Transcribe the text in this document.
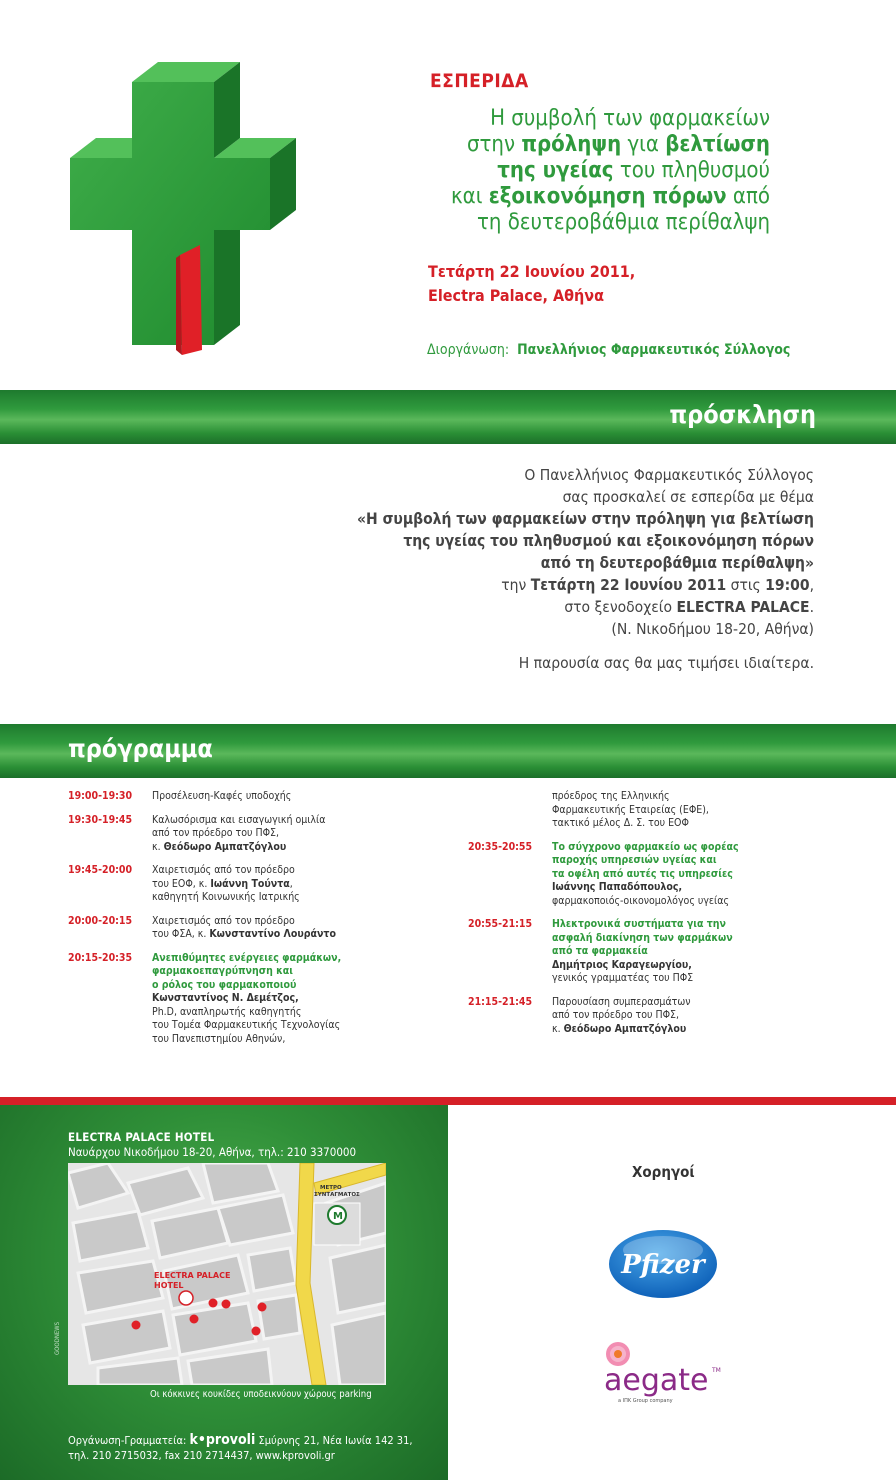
ΕΣΠΕΡΙΔΑ
Η συμβολή των φαρμακείων
στην πρόληψη για βελτίωση
της υγείας του πληθυσμού
και εξοικονόμηση πόρων από
τη δευτεροβάθμια περίθαλψη
Τετάρτη 22 Ιουνίου 2011,
Electra Palace, Αθήνα
Διοργάνωση: Πανελλήνιος Φαρμακευτικός Σύλλογος
πρόσκληση
Ο Πανελλήνιος Φαρμακευτικός Σύλλογος
σας προσκαλεί σε εσπερίδα με θέμα
«Η συμβολή των φαρμακείων στην πρόληψη για βελτίωση
της υγείας του πληθυσμού και εξοικονόμηση πόρων
από τη δευτεροβάθμια περίθαλψη»
την Τετάρτη 22 Ιουνίου 2011 στις 19:00,
στο ξενοδοχείο ELECTRA PALACE.
(Ν. Νικοδήμου 18-20, Αθήνα)
Η παρουσία σας θα μας τιμήσει ιδιαίτερα.
πρόγραμμα
19:00-19:30	Προσέλευση-Καφές υποδοχής
19:30-19:45	Καλωσόρισμα και εισαγωγική ομιλία
από τον πρόεδρο του ΠΦΣ,
κ. Θεόδωρο Αμπατζόγλου
19:45-20:00	Χαιρετισμός από τον πρόεδρο
του ΕΟΦ, κ. Ιωάννη Τούντα,
καθηγητή Κοινωνικής Ιατρικής
20:00-20:15	Χαιρετισμός από τον πρόεδρο
του ΦΣΑ, κ. Κωνσταντίνο Λουράντο
20:15-20:35	Ανεπιθύμητες ενέργειες φαρμάκων,
φαρμακοεπαγρύπνηση και
ο ρόλος του φαρμακοποιού
Κωνσταντίνος Ν. Δεμέτζος,
Ph.D, αναπληρωτής καθηγητής
του Τομέα Φαρμακευτικής Τεχνολογίας
του Πανεπιστημίου Αθηνών,
πρόεδρος της Ελληνικής
Φαρμακευτικής Εταιρείας (ΕΦΕ),
τακτικό μέλος Δ. Σ. του ΕΟΦ
20:35-20:55	Το σύγχρονο φαρμακείο ως φορέας
παροχής υπηρεσιών υγείας και
τα οφέλη από αυτές τις υπηρεσίες
Ιωάννης Παπαδόπουλος,
φαρμακοποιός-οικονομολόγος υγείας
20:55-21:15	Ηλεκτρονικά συστήματα για την
ασφαλή διακίνηση των φαρμάκων
από τα φαρμακεία
Δημήτριος Καραγεωργίου,
γενικός γραμματέας του ΠΦΣ
21:15-21:45	Παρουσίαση συμπερασμάτων
από τον πρόεδρο του ΠΦΣ,
κ. Θεόδωρο Αμπατζόγλου
ELECTRA PALACE HOTEL
Ναυάρχου Νικοδήμου 18-20, Αθήνα, τηλ.: 210 3370000
M
ΜΕΤΡΟ
ΣΥΝΤΑΓΜΑΤΟΣ
ELECTRA PALACE
HOTEL
Οι κόκκινες κουκίδες υποδεικνύουν χώρους parking
GOODNEWS
Οργάνωση-Γραμματεία: k•provoli Σμύρνης 21, Νέα Ιωνία 142 31,
τηλ. 210 2715032, fax 210 2714437, www.kprovoli.gr
Χορηγοί
Pfizer
aegate TM
a ΙΠΚ Group company
